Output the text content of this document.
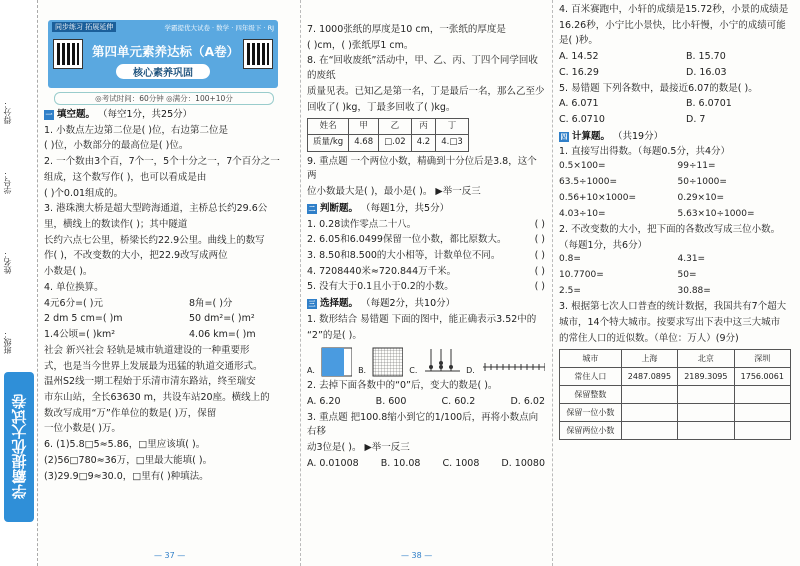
得分：
学号：
姓名：
班级：
学霸提优大试卷
同步练习 拓展延伸	学霸提优大试卷 · 数学 · 四年级下 · RJ
第四单元素养达标（A卷）
核心素养巩固
◎考试时间：60分钟 ◎满分：100+10分
一 填空题。 （每空1分，共25分）
1. 小数点左边第二位是( )位，右边第二位是
( )位，小数部分的最高位是( )位。
2. 一个数由3个百，7个一，5个十分之一，7个百分之一
组成，这个数写作( )，也可以看成是由
( )个0.01组成的。
3. 港珠澳大桥是超大型跨海通道，主桥总长约29.6公
里，横线上的数读作( )；其中隧道
长约六点七公里，桥梁长约22.9公里。曲线上的数写
作( )，不改变数的大小，把22.9改写成两位
小数是( )。
4. 单位换算。
4元6分=( )元	8角=( )分
2 dm 5 cm=( )m	50 dm²=( )m²
1.4公顷=( )km²	4.06 km=( )m
社会 新兴社会 轻轨是城市轨道建设的一种重要形
式，也是当今世界上发展最为迅猛的轨道交通形式。
温州S2线一期工程始于乐清市清东路站，终至瑞安
市东山站，全长63630 m，共设车站20座。横线上的
数改写成用“万”作单位的数是( )万，保留
一位小数是( )万。
6. (1)5.8□5≈5.86，□里应该填( )。
(2)56□780≈36万，□里最大能填( )。
(3)29.9□9≈30.0，□里有( )种填法。
— 37 —
7. 1000张纸的厚度是10 cm，一张纸的厚度是
( )cm，( )张纸厚1 cm。
8. 在“回收废纸”活动中，甲、乙、丙、丁四个同学回收的废纸
质量见表。已知乙是第一名，丁是最后一名，那么乙至少
回收了( )kg，丁最多回收了( )kg。
姓名	甲	乙	丙	丁
质量/kg	4.68	□.02	4.2	4.□3
9. 重点题 一个两位小数，精确到十分位后是3.8，这个两
位小数最大是( )，最小是( )。 ▶举一反三
二 判断题。 （每题1分，共5分）
1. 0.28读作零点二十八。	( )
2. 6.05和6.0499保留一位小数，都比原数大。	( )
3. 8.50和8.500的大小相等，计数单位不同。	( )
4. 7208440米≈720.844万千米。	( )
5. 没有大于0.1且小于0.2的小数。	( )
三 选择题。 （每题2分，共10分）
1. 数形结合 易错题 下面的图中，能正确表示3.52中的
“2”的是( )。
A.	B.	C.	D.
2. 去掉下面各数中的“0”后，变大的数是( )。
A. 6.20	B. 600	C. 60.2	D. 6.02
3. 重点题 把100.8缩小到它的1/100后，再将小数点向右移
动3位是( )。 ▶举一反三
A. 0.01008 B. 10.08 C. 1008 D. 10080
— 38 —
4. 百米赛跑中，小轩的成绩是15.72秒，小景的成绩是
16.26秒，小宁比小景快，比小轩慢，小宁的成绩可能
是( )秒。
A. 14.52	B. 15.70
C. 16.29	D. 16.03
5. 易错题 下列各数中，最接近6.07的数是( )。
A. 6.071	B. 6.0701
C. 6.0710	D. 7
四 计算题。 （共19分）
1. 直接写出得数。（每题0.5分，共4分）
0.5×100=	99÷11=
63.5÷1000=	50÷1000=
0.56+10×1000=	0.29×10=
4.03÷10=	5.63×10÷1000=
2. 不改变数的大小，把下面的各数改写成三位小数。
（每题1分，共6分）
0.8=	4.31=
10.7700=	50=
2.5=	30.88=
3. 根据第七次人口普查的统计数据，我国共有7个超大
城市，14个特大城市。按要求写出下表中这三大城市
的常住人口的近似数。（单位：万人）(9分)
城市	上海	北京	深圳
常住人口	2487.0895	2189.3095	1756.0061
保留整数			
保留一位小数			
保留两位小数			
